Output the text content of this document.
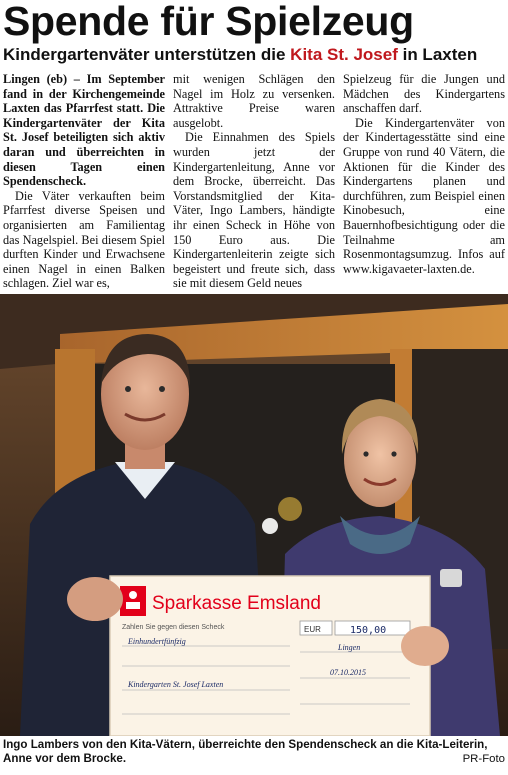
Spende für Spielzeug
Kindergartenväter unterstützen die Kita St. Josef in Laxten

Lingen (eb) – Im September fand in der Kirchengemeinde Laxten das Pfarrfest statt. Die Kindergartenväter der Kita St. Josef beteiligten sich aktiv daran und überreichten in diesen Tagen einen Spendenscheck.

Die Väter verkauften beim Pfarrfest diverse Speisen und organisierten am Familientag das Nagelspiel. Bei diesem Spiel durften Kinder und Erwachsene einen Nagel in einen Balken schlagen. Ziel war es,

mit wenigen Schlägen den Nagel im Holz zu versenken. Attraktive Preise waren ausgelobt.

Die Einnahmen des Spiels wurden jetzt der Kindergartenleitung, Anne vor dem Brocke, überreicht. Das Vorstandsmitglied der Kita-Väter, Ingo Lambers, händigte ihr einen Scheck in Höhe von 150 Euro aus. Die Kindergartenleiterin zeigte sich begeistert und freute sich, dass sie mit diesem Geld neues

Spielzeug für die Jungen und Mädchen des Kindergartens anschaffen darf.

Die Kindergartenväter von der Kindertagesstätte sind eine Gruppe von rund 40 Vätern, die Aktionen für die Kinder des Kindergartens planen und durchführen, zum Beispiel einen Kinobesuch, eine Bauernhofbesichtigung oder die Teilnahme am Rosenmontagsumzug. Infos auf www.kigavaeter-laxten.de.

Sparkasse Emsland
Zahlen Sie gegen diesen Scheck	EUR	150,00
Einhundertfünfzig
Lingen
07.10.2015
Kindergarten St. Josef Laxten
Ingo Lambers von den Kita-Vätern, überreichte den Spendenscheck an die Kita-Leiterin, Anne vor dem Brocke.	PR-Foto
